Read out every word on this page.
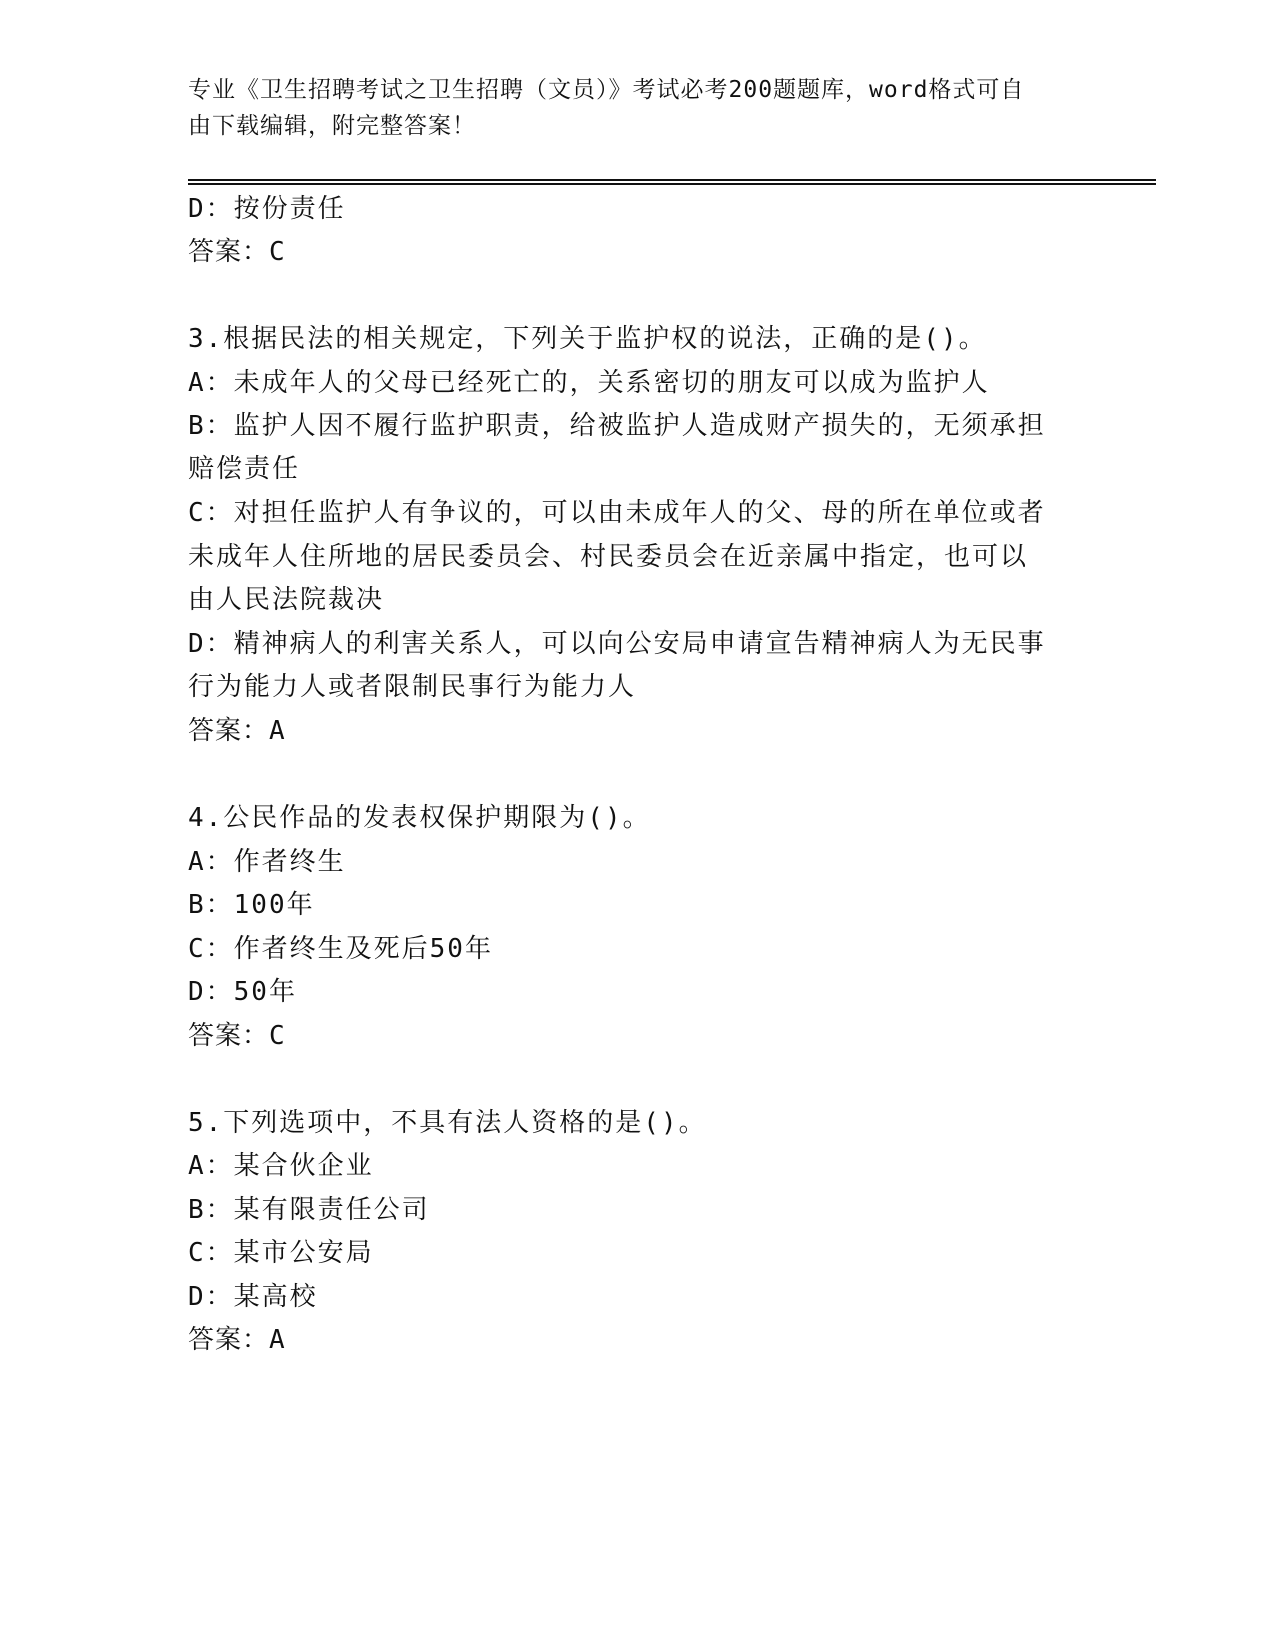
专业《卫生招聘考试之卫生招聘（文员）》考试必考200题题库，word格式可自
由下载编辑，附完整答案！
D：按份责任
答案：C
3.根据民法的相关规定，下列关于监护权的说法，正确的是()。
A：未成年人的父母已经死亡的，关系密切的朋友可以成为监护人
B：监护人因不履行监护职责，给被监护人造成财产损失的，无须承担
赔偿责任
C：对担任监护人有争议的，可以由未成年人的父、母的所在单位或者
未成年人住所地的居民委员会、村民委员会在近亲属中指定，也可以
由人民法院裁决
D：精神病人的利害关系人，可以向公安局申请宣告精神病人为无民事
行为能力人或者限制民事行为能力人
答案：A
4.公民作品的发表权保护期限为()。
A：作者终生
B：100年
C：作者终生及死后50年
D：50年
答案：C
5.下列选项中，不具有法人资格的是()。
A：某合伙企业
B：某有限责任公司
C：某市公安局
D：某高校
答案：A
